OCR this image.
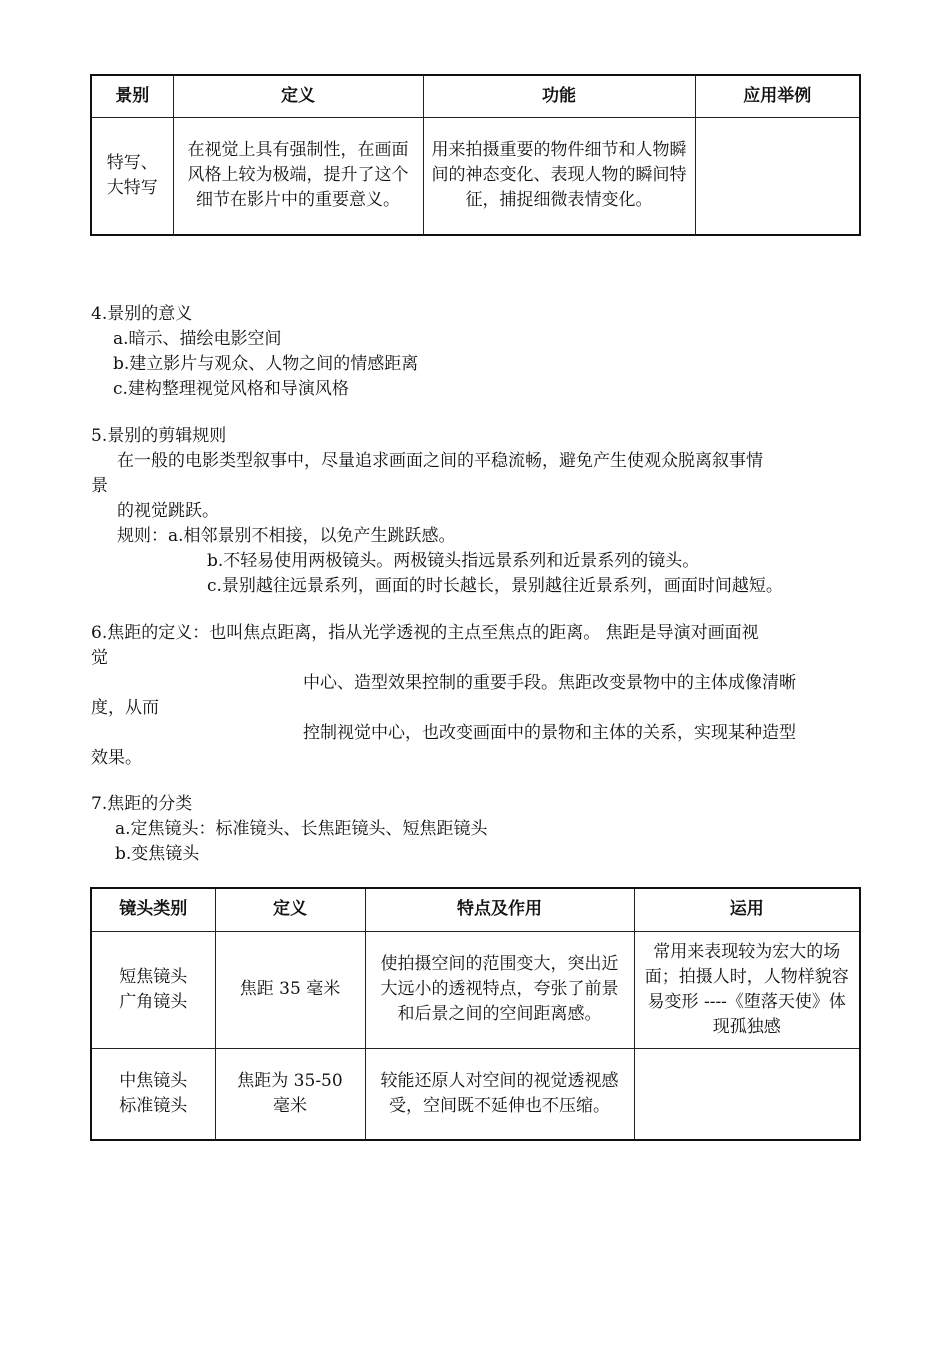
景别	定义	功能	应用举例
特写、
大特写	在视觉上具有强制性，在画面风格上较为极端，提升了这个细节在影片中的重要意义。	用来拍摄重要的物件细节和人物瞬间的神态变化、表现人物的瞬间特征，捕捉细微表情变化。	
4.景别的意义
a.暗示、描绘电影空间
b.建立影片与观众、人物之间的情感距离
c.建构整理视觉风格和导演风格
5.景别的剪辑规则
在一般的电影类型叙事中，尽量追求画面之间的平稳流畅，避免产生使观众脱离叙事情
景
的视觉跳跃。
规则：a.相邻景别不相接，以免产生跳跃感。
b.不轻易使用两极镜头。两极镜头指远景系列和近景系列的镜头。
c.景别越往远景系列，画面的时长越长，景别越往近景系列，画面时间越短。
6.焦距的定义：也叫焦点距离，指从光学透视的主点至焦点的距离。 焦距是导演对画面视
觉
中心、造型效果控制的重要手段。焦距改变景物中的主体成像清晰
度，从而
控制视觉中心，也改变画面中的景物和主体的关系，实现某种造型
效果。
7.焦距的分类
a.定焦镜头：标准镜头、长焦距镜头、短焦距镜头
b.变焦镜头
镜头类别	定义	特点及作用	运用
短焦镜头
广角镜头	焦距 35 毫米	使拍摄空间的范围变大，突出近大远小的透视特点，夸张了前景和后景之间的空间距离感。	常用来表现较为宏大的场面；拍摄人时，人物样貌容易变形 ----《堕落天使》体现孤独感
中焦镜头
标准镜头	焦距为 35-50
毫米	较能还原人对空间的视觉透视感受，空间既不延伸也不压缩。	
